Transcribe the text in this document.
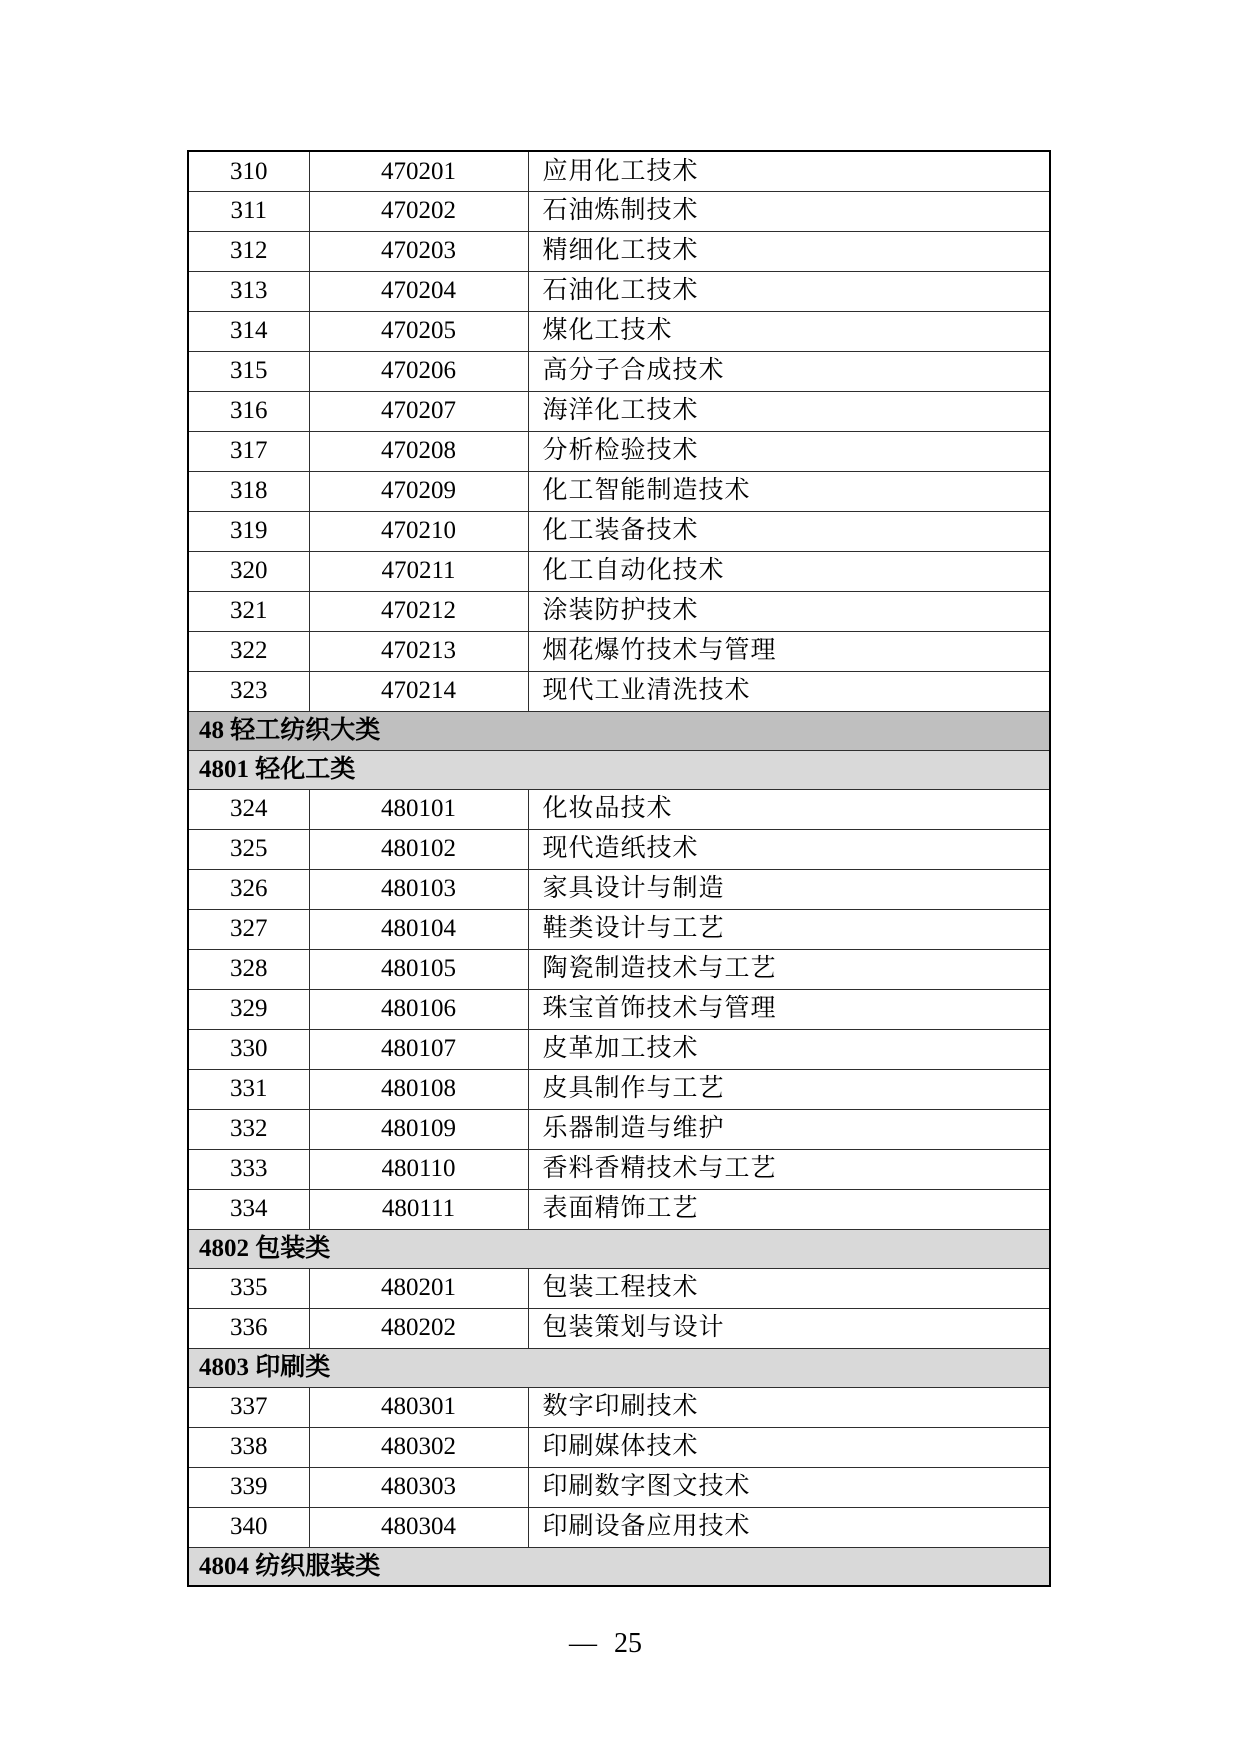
310	470201	应用化工技术
311	470202	石油炼制技术
312	470203	精细化工技术
313	470204	石油化工技术
314	470205	煤化工技术
315	470206	高分子合成技术
316	470207	海洋化工技术
317	470208	分析检验技术
318	470209	化工智能制造技术
319	470210	化工装备技术
320	470211	化工自动化技术
321	470212	涂装防护技术
322	470213	烟花爆竹技术与管理
323	470214	现代工业清洗技术
48 轻工纺织大类		
4801 轻化工类		
324	480101	化妆品技术
325	480102	现代造纸技术
326	480103	家具设计与制造
327	480104	鞋类设计与工艺
328	480105	陶瓷制造技术与工艺
329	480106	珠宝首饰技术与管理
330	480107	皮革加工技术
331	480108	皮具制作与工艺
332	480109	乐器制造与维护
333	480110	香料香精技术与工艺
334	480111	表面精饰工艺
4802 包装类		
335	480201	包装工程技术
336	480202	包装策划与设计
4803 印刷类		
337	480301	数字印刷技术
338	480302	印刷媒体技术
339	480303	印刷数字图文技术
340	480304	印刷设备应用技术
4804 纺织服装类		
— 25
